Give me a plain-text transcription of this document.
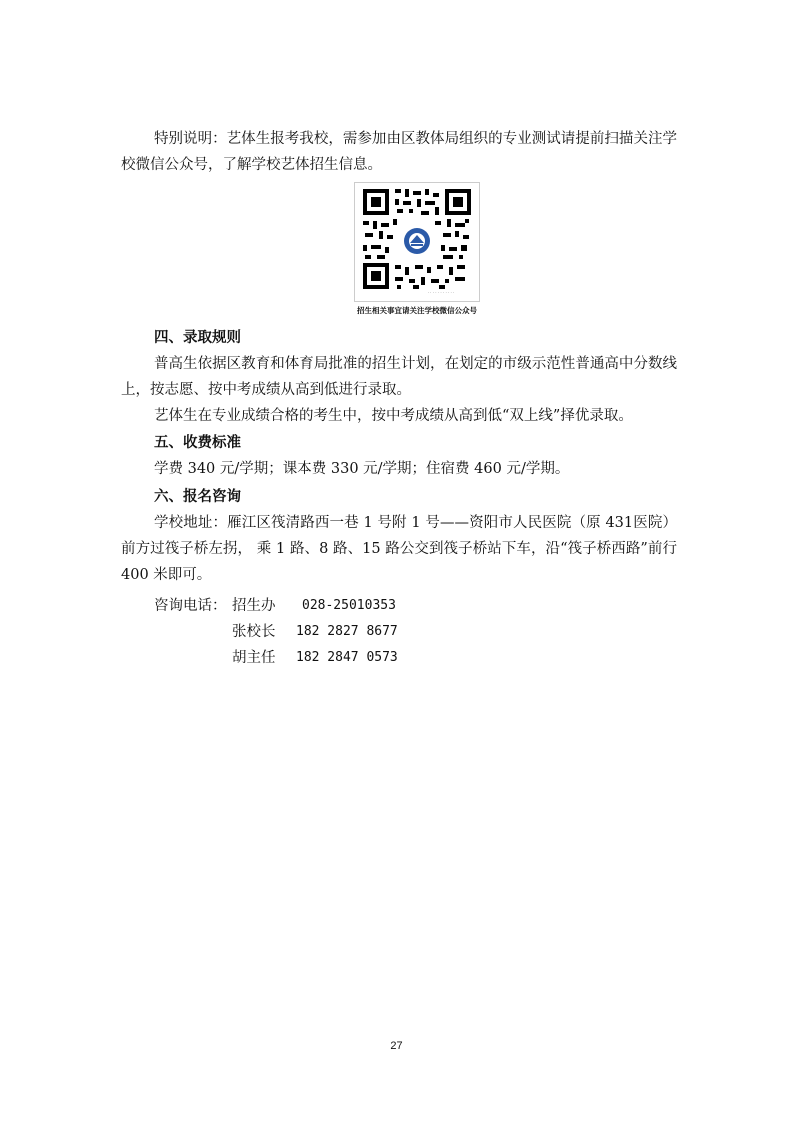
特别说明：艺体生报考我校，需参加由区教体局组织的专业测试请提前扫描关注学校微信公众号，了解学校艺体招生信息。

· · · · · · · · · · ·
招生相关事宜请关注学校微信公众号
四、录取规则

普高生依据区教育和体育局批准的招生计划，在划定的市级示范性普通高中分数线上，按志愿、按中考成绩从高到低进行录取。

艺体生在专业成绩合格的考生中，按中考成绩从高到低“双上线”择优录取。

五、收费标准

学费 340 元/学期；课本费 330 元/学期；住宿费 460 元/学期。

六、报名咨询

学校地址：雁江区筏清路西一巷 1 号附 1 号——资阳市人民医院（原 431医院）前方过筏子桥左拐， 乘 1 路、8 路、15 路公交到筏子桥站下车，沿“筏子桥西路”前行 400 米即可。

咨询电话： 招生办 028-25010353
张校长 182 2827 8677
胡主任 182 2847 0573
27
